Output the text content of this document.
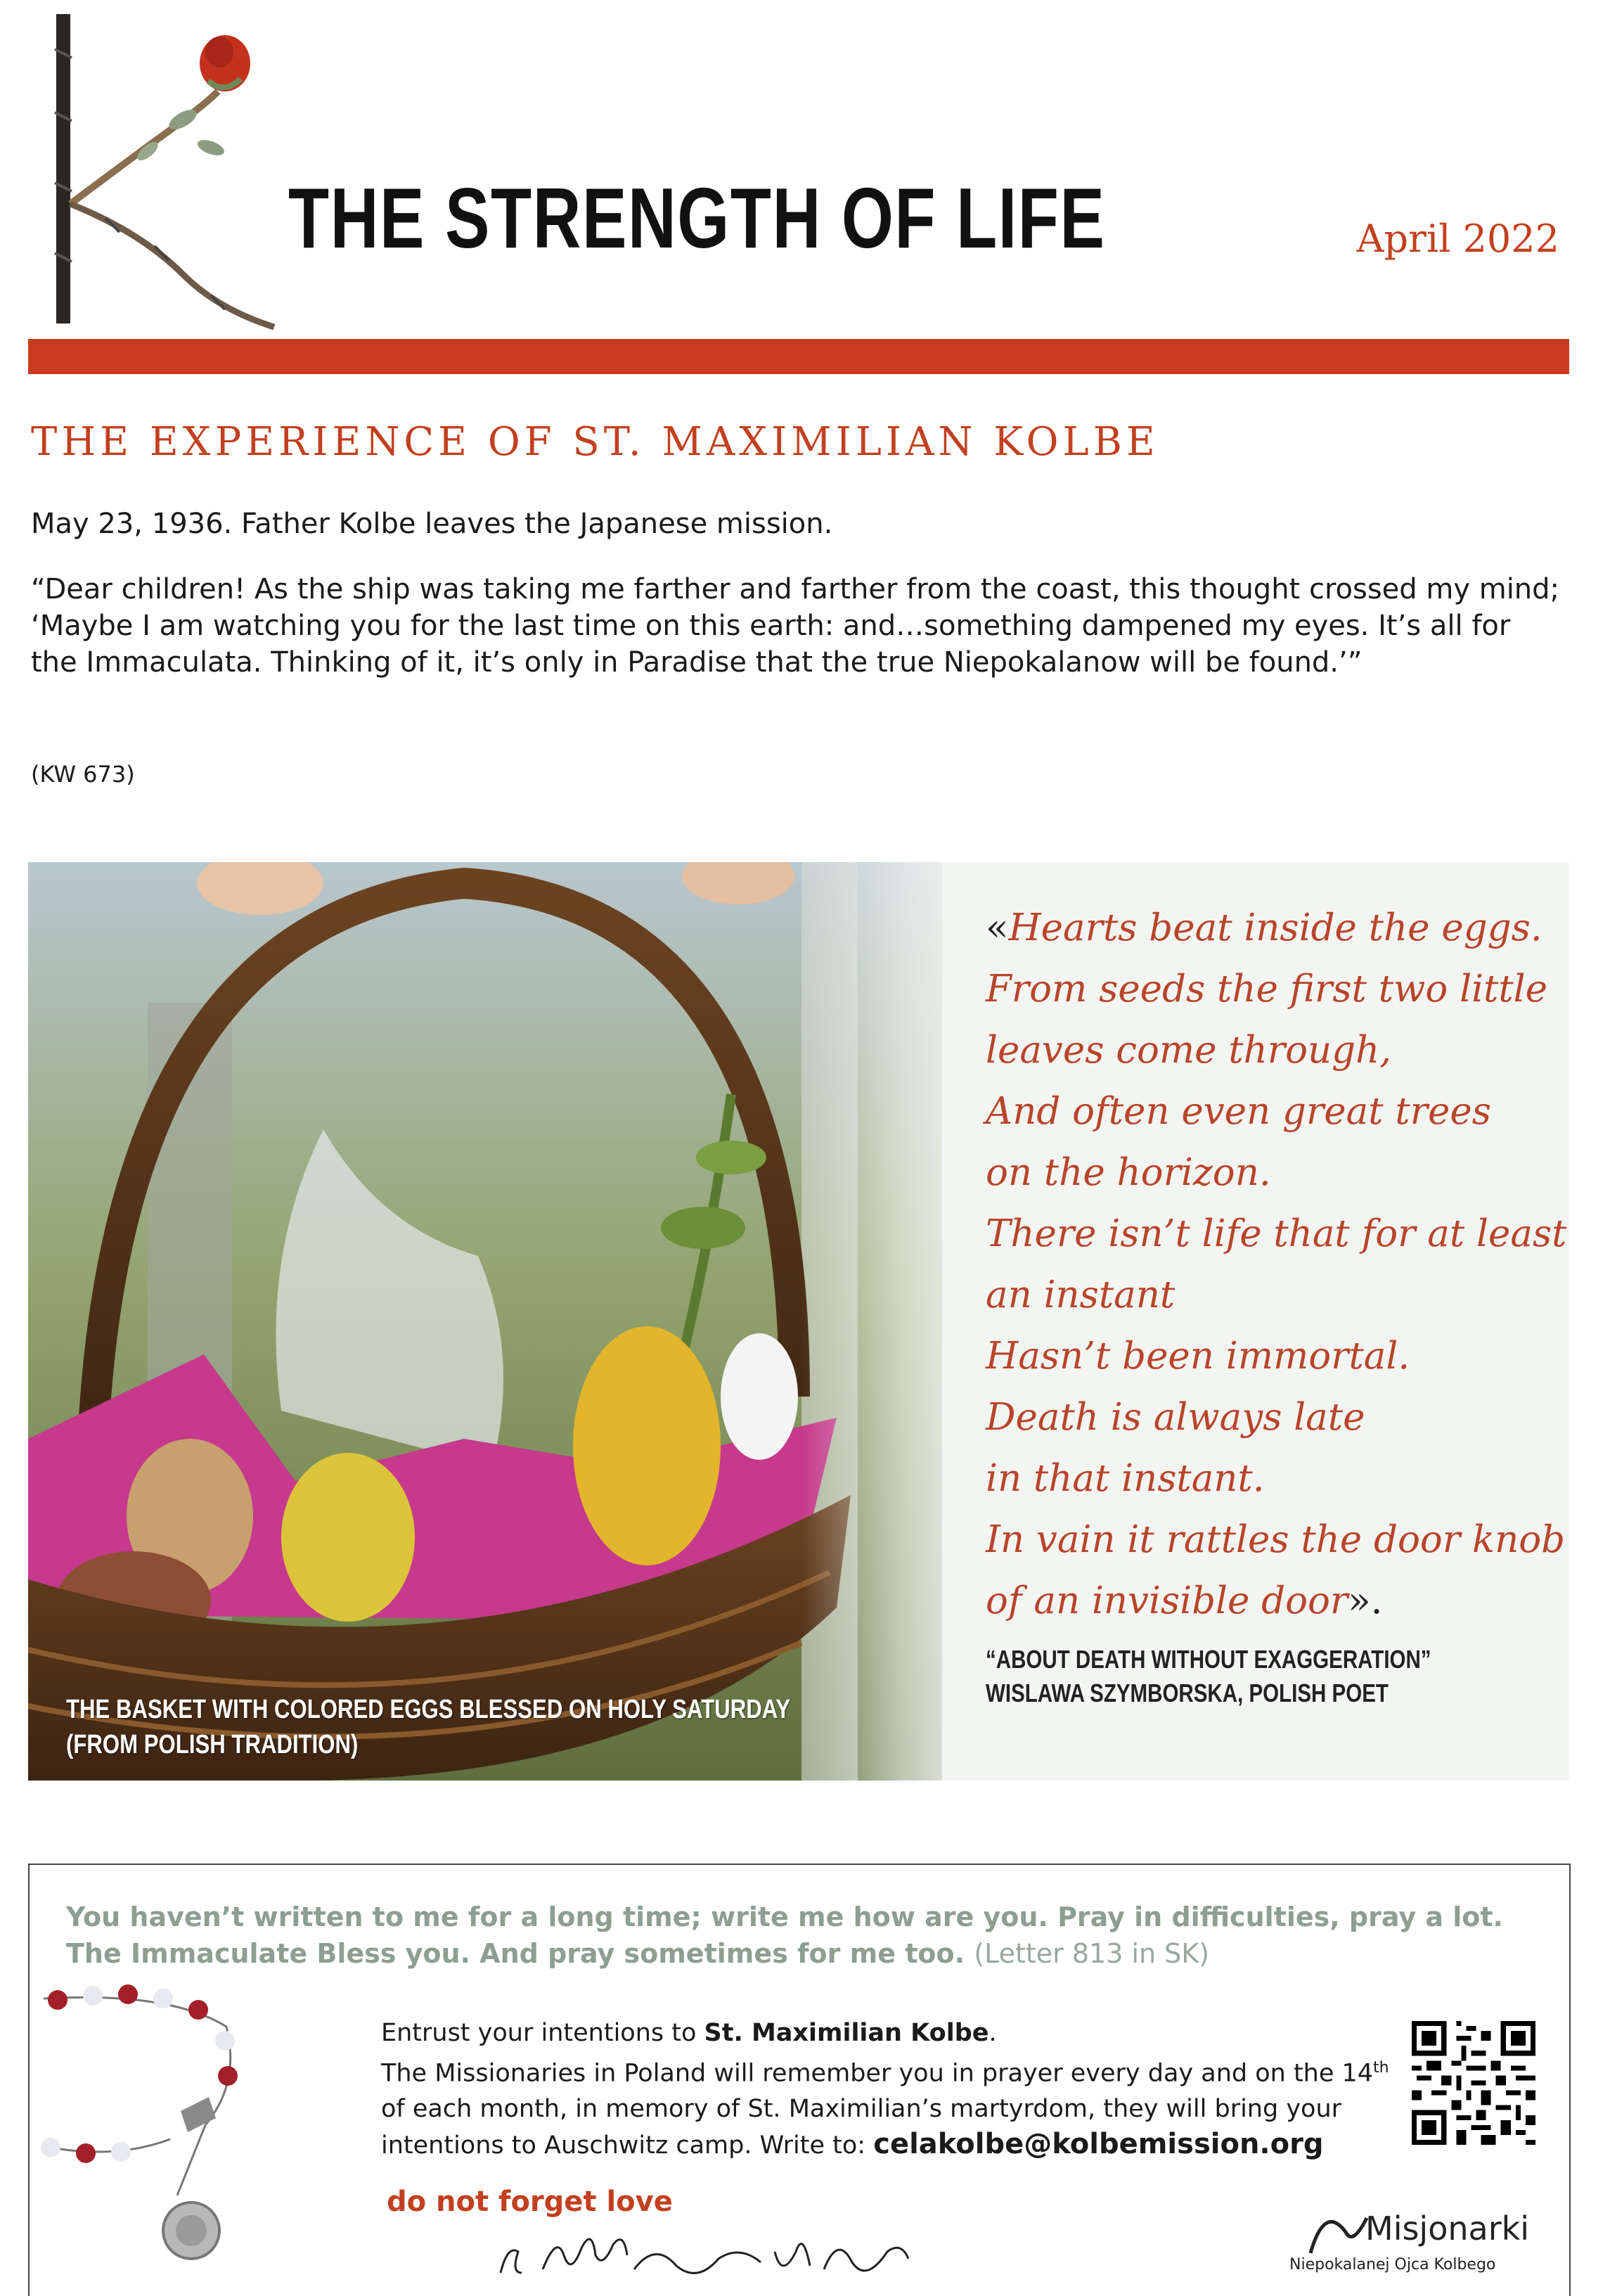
THE STRENGTH OF LIFE	April 2022
THE EXPERIENCE OF ST. MAXIMILIAN KOLBE

May 23, 1936. Father Kolbe leaves the Japanese mission.

“Dear children! As the ship was taking me farther and farther from the coast, this thought crossed my mind; ‘Maybe I am watching you for the last time on this earth: and…something dampened my eyes. It’s all for the Immaculata. Thinking of it, it’s only in Paradise that the true Niepokalanow will be found.’”

(KW 673)
THE BASKET WITH COLORED EGGS BLESSED ON HOLY SATURDAY
(FROM POLISH TRADITION)
«Hearts beat inside the eggs.
From seeds the first two little
leaves come through,
And often even great trees
on the horizon.
There isn’t life that for at least
an instant
Hasn’t been immortal.
Death is always late
in that instant.
In vain it rattles the door knob
of an invisible door».
“ABOUT DEATH WITHOUT EXAGGERATION”
WISLAWA SZYMBORSKA, POLISH POET

You haven’t written to me for a long time; write me how are you. Pray in difficulties, pray a lot. The Immaculate Bless you. And pray sometimes for me too. (Letter 813 in SK)

Entrust your intentions to St. Maximilian Kolbe.
The Missionaries in Poland will remember you in prayer every day and on the 14th of each month, in memory of St. Maximilian’s martyrdom, they will bring your intentions to Auschwitz camp. Write to: celakolbe@kolbemission.org
do not forget love
Misjonarki
Niepokalanej Ojca Kolbego
